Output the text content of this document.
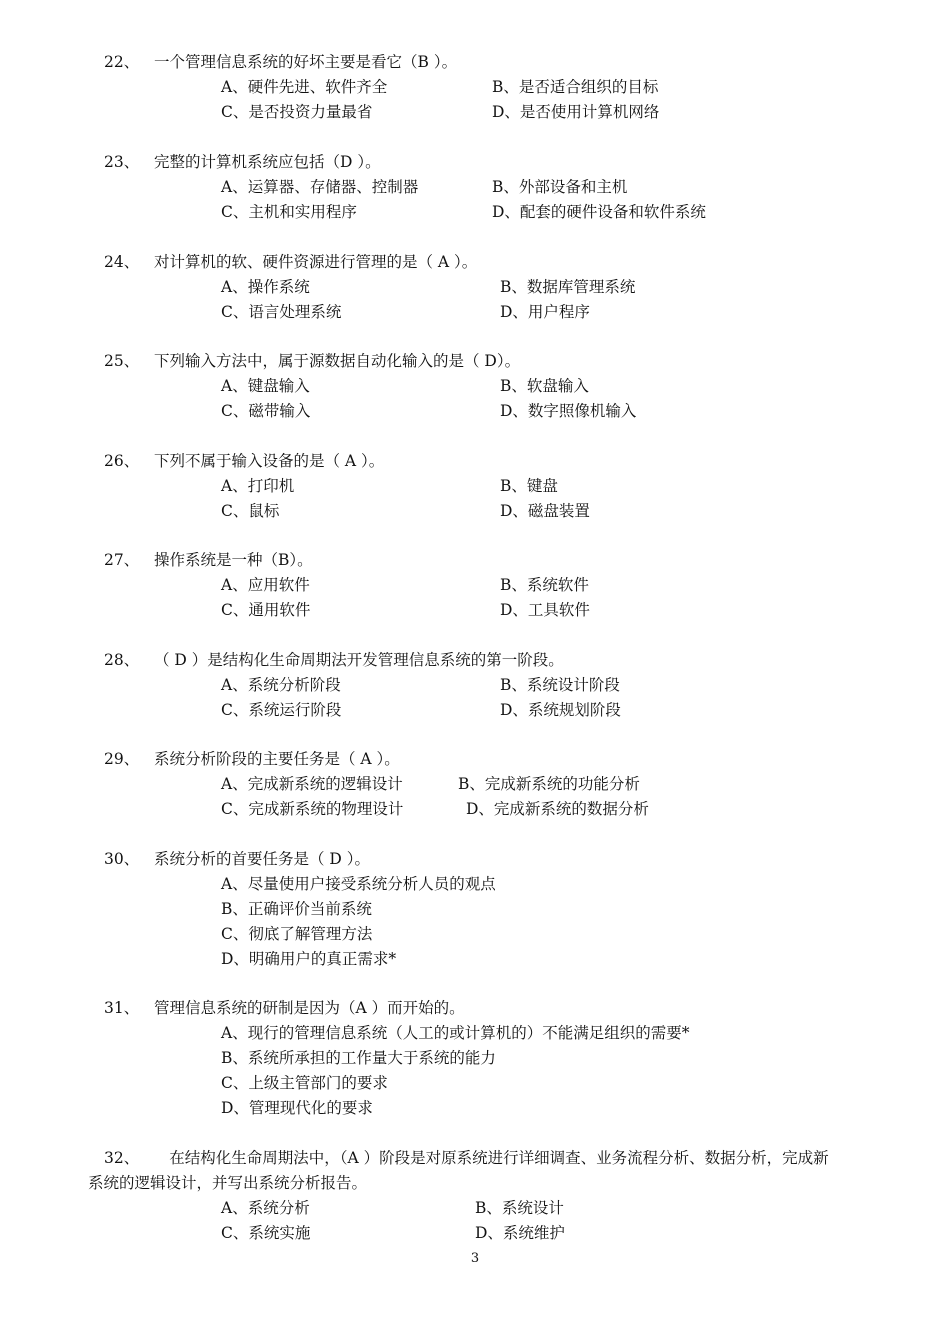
22、 一个管理信息系统的好坏主要是看它（B ）。
A、硬件先进、软件齐全	B、是否适合组织的目标
C、是否投资力量最省	D、是否使用计算机网络
23、 完整的计算机系统应包括（D ）。
A、运算器、存储器、控制器	B、外部设备和主机
C、主机和实用程序	D、配套的硬件设备和软件系统
24、 对计算机的软、硬件资源进行管理的是（ A ）。
A、操作系统	B、数据库管理系统
C、语言处理系统	D、用户程序
25、 下列输入方法中，属于源数据自动化输入的是（ D）。
A、键盘输入	B、软盘输入
C、磁带输入	D、数字照像机输入
26、 下列不属于输入设备的是（ A ）。
A、打印机	B、键盘
C、鼠标	D、磁盘装置
27、 操作系统是一种（B）。
A、应用软件	B、系统软件
C、通用软件	D、工具软件
28、 （ D ）是结构化生命周期法开发管理信息系统的第一阶段。
A、系统分析阶段	B、系统设计阶段
C、系统运行阶段	D、系统规划阶段
29、 系统分析阶段的主要任务是（ A ）。
A、完成新系统的逻辑设计	B、完成新系统的功能分析
C、完成新系统的物理设计	D、完成新系统的数据分析
30、 系统分析的首要任务是（ D ）。
A、尽量使用户接受系统分析人员的观点
B、正确评价当前系统
C、彻底了解管理方法
D、明确用户的真正需求*
31、 管理信息系统的研制是因为（A ）而开始的。
A、现行的管理信息系统（人工的或计算机的）不能满足组织的需要*
B、系统所承担的工作量大于系统的能力
C、上级主管部门的要求
D、管理现代化的要求
32、 在结构化生命周期法中，（A ）阶段是对原系统进行详细调查、业务流程分析、数据分析，完成新
系统的逻辑设计，并写出系统分析报告。
A、系统分析	B、系统设计
C、系统实施	D、系统维护
3
